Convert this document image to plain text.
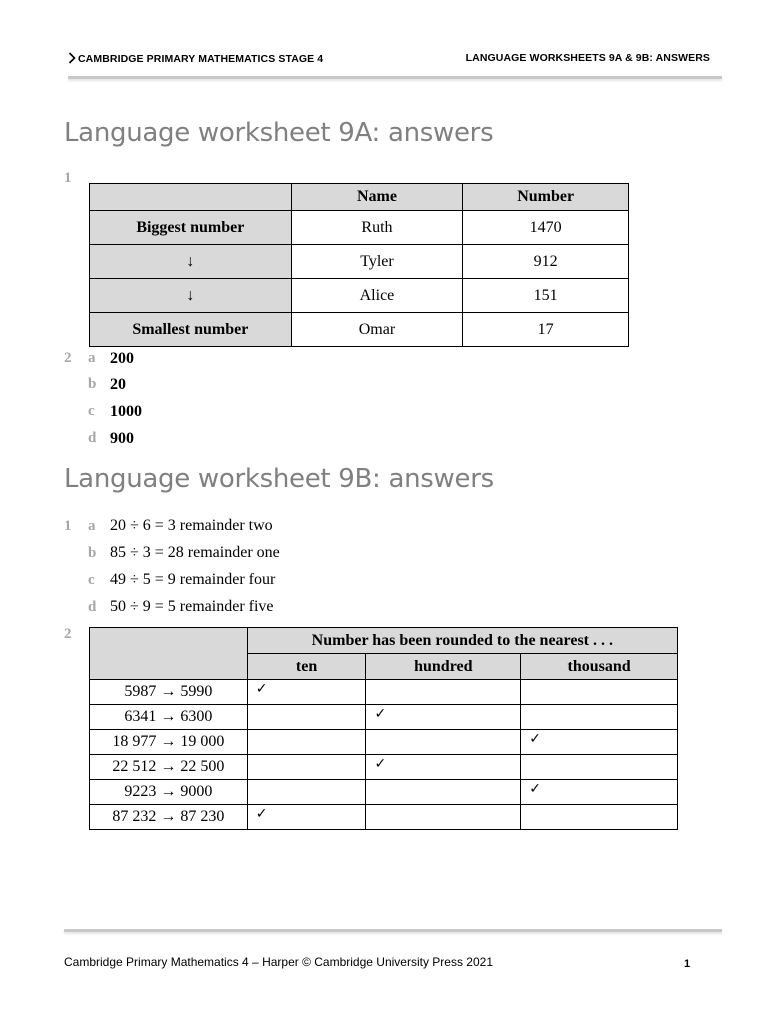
CAMBRIDGE PRIMARY MATHEMATICS STAGE 4	LANGUAGE WORKSHEETS 9A & 9B: ANSWERS
Language worksheet 9A: answers
1
	Name	Number
Biggest number	Ruth	1470
↓	Tyler	912
↓	Alice	151
Smallest number	Omar	17
2 a 200
b 20
c 1000
d 900
Language worksheet 9B: answers
1 a 20 ÷ 6 = 3 remainder two
b 85 ÷ 3 = 28 remainder one
c 49 ÷ 5 = 9 remainder four
d 50 ÷ 9 = 5 remainder five
2
		Number has been rounded to the nearest . . .		
	ten	hundred	thousand
5987 → 5990	✓		
6341 → 6300		✓	
18 977 → 19 000			✓
22 512 → 22 500		✓	
9223 → 9000			✓
87 232 → 87 230	✓		
Cambridge Primary Mathematics 4 – Harper © Cambridge University Press 2021	1
